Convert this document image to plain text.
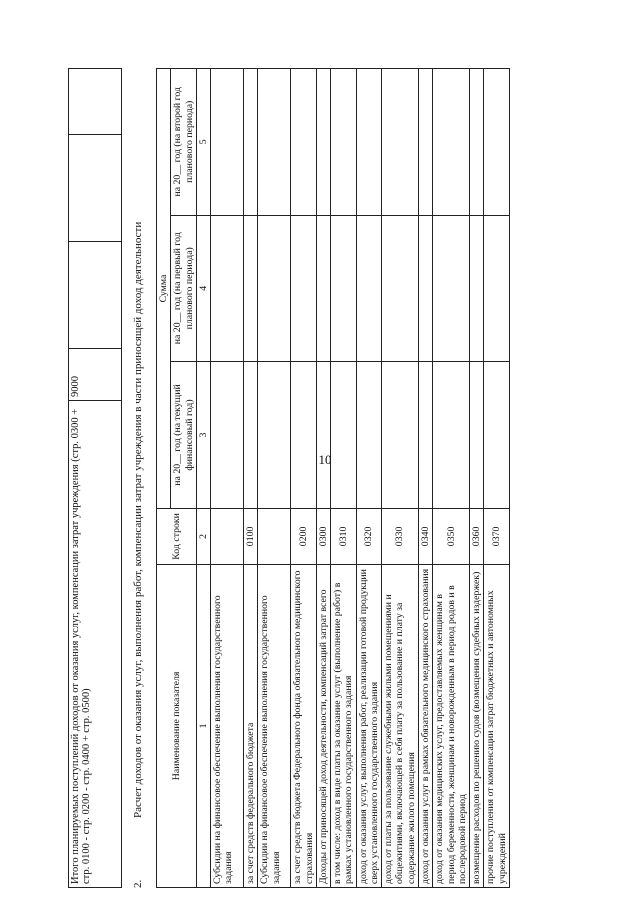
10
Итого планируемых поступлений доходов от оказания услуг, компенсации затрат учреждения (стр. 0300 + стр. 0100 - стр. 0200 - стр. 0400 + стр. 0500)	9000			
2.Расчет доходов от оказания услуг, выполнения работ, компенсации затрат учреждения в части приносящей доход деятельности	Наименование показателя	Код строки	Сумма		
		на 20__ год (на текущий финансовый год)	на 20__ год (на первый год планового периода)	на 20__ год (на второй год планового периода)
1	2	3	4	5
Субсидии на финансовое обеспечение выполнения государственного задания				
за счет средств федерального бюджета	0100			
Субсидии на финансовое обеспечение выполнения государственного задания				
за счет средств бюджета Федерального фонда обязательного медицинского страхования	0200			
Доходы от приносящей доход деятельности, компенсаций затрат всего	0300			
в том числе: доход в виде платы за оказание услуг (выполнение работ) в рамках установленного государственного задания	0310			
доход от оказания услуг, выполнения работ, реализации готовой продукции сверх установленного государственного задания	0320			
доход от платы за пользование служебными жилыми помещениями и общежитиями, включающей в себя плату за пользование и плату за содержание жилого помещения	0330			
доход от оказания услуг в рамках обязательного медицинского страхования	0340			
доход от оказания медицинских услуг, предоставляемых женщинам в период беременности, женщинам и новорожденным в период родов и в послеродовой период	0350			
возмещение расходов по решению судов (возмещения судебных издержек)	0360			
прочие поступления от компенсации затрат бюджетных и автономных учреждений	0370			
